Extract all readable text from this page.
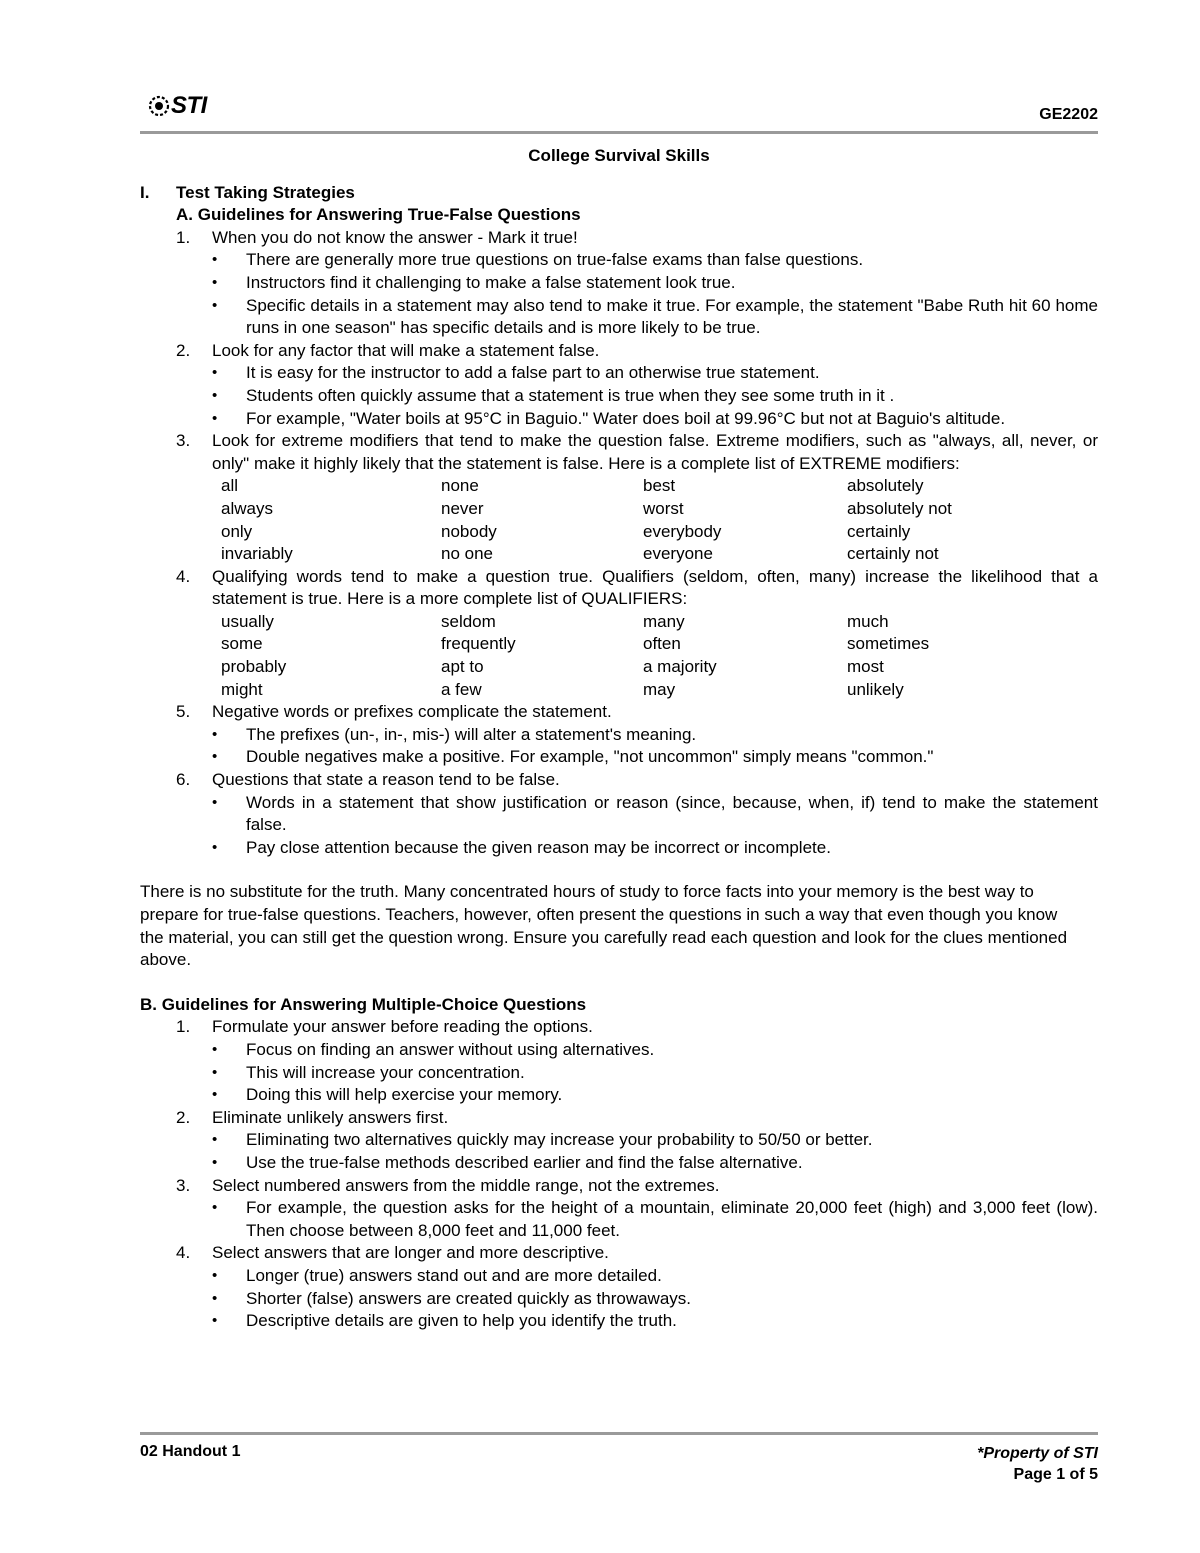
STI	GE2202
College Survival Skills
I.	Test Taking Strategies
A. Guidelines for Answering True-False Questions
1.	When you do not know the answer - Mark it true!
•	There are generally more true questions on true-false exams than false questions.
•	Instructors find it challenging to make a false statement look true.
•	Specific details in a statement may also tend to make it true. For example, the statement "Babe Ruth hit 60 home runs in one season" has specific details and is more likely to be true.
2.	Look for any factor that will make a statement false.
•	It is easy for the instructor to add a false part to an otherwise true statement.
•	Students often quickly assume that a statement is true when they see some truth in it .
•	For example, "Water boils at 95°C in Baguio." Water does boil at 99.96°C but not at Baguio's altitude.
3.	Look for extreme modifiers that tend to make the question false. Extreme modifiers, such as "always, all, never, or only" make it highly likely that the statement is false. Here is a complete list of EXTREME modifiers:
all	none	best	absolutely
always	never	worst	absolutely not
only	nobody	everybody	certainly
invariably	no one	everyone	certainly not
4.	Qualifying words tend to make a question true. Qualifiers (seldom, often, many) increase the likelihood that a statement is true. Here is a more complete list of QUALIFIERS:
usually	seldom	many	much
some	frequently	often	sometimes
probably	apt to	a majority	most
might	a few	may	unlikely
5.	Negative words or prefixes complicate the statement.
•	The prefixes (un-, in-, mis-) will alter a statement's meaning.
•	Double negatives make a positive. For example, "not uncommon" simply means "common."
6.	Questions that state a reason tend to be false.
•	Words in a statement that show justification or reason (since, because, when, if) tend to make the statement false.
•	Pay close attention because the given reason may be incorrect or incomplete.
There is no substitute for the truth. Many concentrated hours of study to force facts into your memory is the best way to prepare for true-false questions. Teachers, however, often present the questions in such a way that even though you know the material, you can still get the question wrong. Ensure you carefully read each question and look for the clues mentioned above.
B. Guidelines for Answering Multiple-Choice Questions
1.	Formulate your answer before reading the options.
•	Focus on finding an answer without using alternatives.
•	This will increase your concentration.
•	Doing this will help exercise your memory.
2.	Eliminate unlikely answers first.
•	Eliminating two alternatives quickly may increase your probability to 50/50 or better.
•	Use the true-false methods described earlier and find the false alternative.
3.	Select numbered answers from the middle range, not the extremes.
•	For example, the question asks for the height of a mountain, eliminate 20,000 feet (high) and 3,000 feet (low). Then choose between 8,000 feet and 11,000 feet.
4.	Select answers that are longer and more descriptive.
•	Longer (true) answers stand out and are more detailed.
•	Shorter (false) answers are created quickly as throwaways.
•	Descriptive details are given to help you identify the truth.
02 Handout 1	*Property of STI
Page 1 of 5
